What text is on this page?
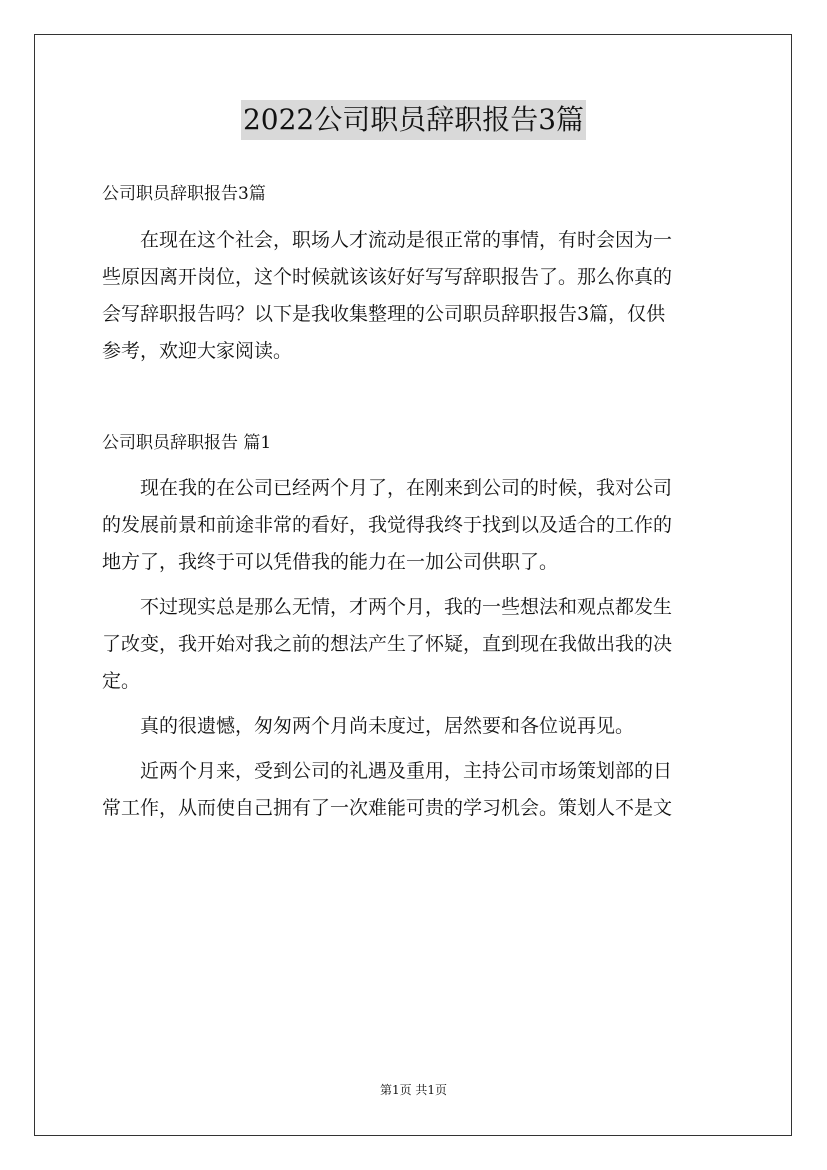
2022公司职员辞职报告3篇

公司职员辞职报告3篇

在现在这个社会，职场人才流动是很正常的事情，有时会因为一
些原因离开岗位，这个时候就该该好好写写辞职报告了。那么你真的
会写辞职报告吗？以下是我收集整理的公司职员辞职报告3篇，仅供
参考，欢迎大家阅读。

公司职员辞职报告 篇1

现在我的在公司已经两个月了，在刚来到公司的时候，我对公司
的发展前景和前途非常的看好，我觉得我终于找到以及适合的工作的
地方了，我终于可以凭借我的能力在一加公司供职了。
不过现实总是那么无情，才两个月，我的一些想法和观点都发生
了改变，我开始对我之前的想法产生了怀疑，直到现在我做出我的决
定。
真的很遗憾，匆匆两个月尚未度过，居然要和各位说再见。
近两个月来，受到公司的礼遇及重用，主持公司市场策划部的日
常工作，从而使自己拥有了一次难能可贵的学习机会。策划人不是文
第1页 共1页
